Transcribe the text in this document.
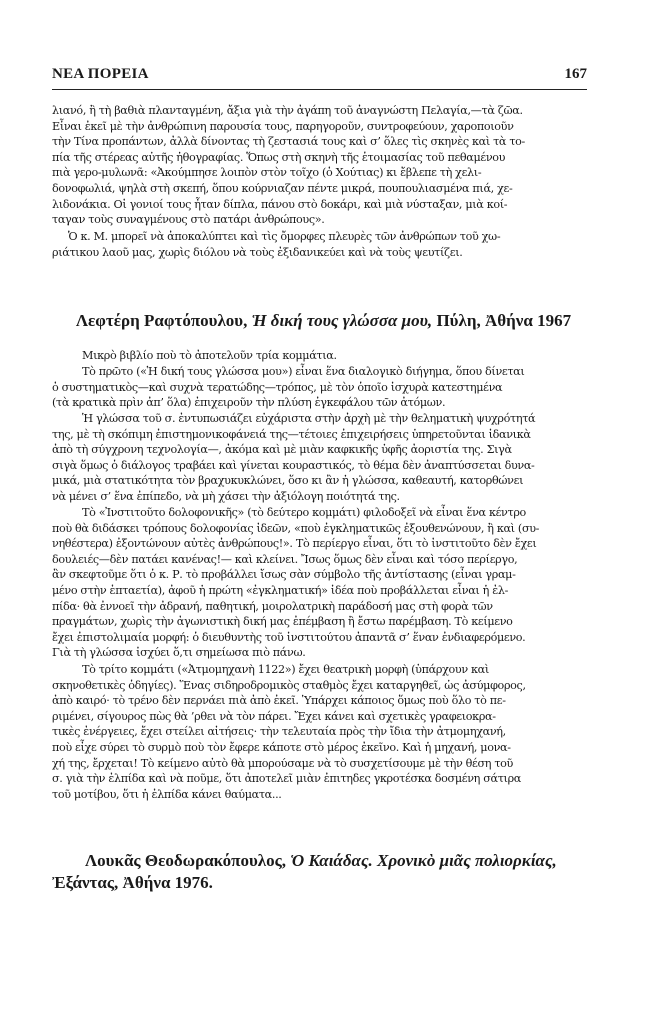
ΝΕΑ ΠΟΡΕΙΑ	167

λιανό, ἢ τὴ βαθιὰ πλανταγμένη, ἄξια γιὰ τὴν ἀγάπη τοῦ ἀναγνώστη Πελαγία,—τὰ ζῶα.
Εἶναι ἐκεῖ μὲ τὴν ἀνθρώπινη παρουσία τους, παρηγοροῦν, συντροφεύουν, χαροποιοῦν
τὴν Τίνα προπάντων, ἀλλὰ δίνοντας τὴ ζεστασιά τους καὶ σ’ ὅλες τὶς σκηνὲς καὶ τὰ το-
πία τῆς στέρεας αὐτῆς ἠθογραφίας. Ὅπως στὴ σκηνὴ τῆς ἑτοιμασίας τοῦ πεθαμένου
πιὰ γερο-μυλωνᾶ: «Ἀκούμπησε λοιπὸν στὸν τοῖχο (ὁ Χούτιας) κι ἔβλεπε τὴ χελι-
δονοφωλιά, ψηλὰ στὴ σκεπή, ὅπου κούρνιαζαν πέντε μικρά, πουπουλιασμένα πιά, χε-
λιδονάκια. Οἱ γονιοί τους ἦταν δίπλα, πάνου στὸ δοκάρι, καὶ μιὰ νύσταξαν, μιὰ κοί-
ταγαν τοὺς συναγμένους στὸ πατάρι ἀνθρώπους».

Ὁ κ. Μ. μπορεῖ νὰ ἀποκαλύπτει καὶ τὶς ὄμορφες πλευρὲς τῶν ἀνθρώπων τοῦ χω-
ριάτικου λαοῦ μας, χωρὶς διόλου νὰ τοὺς ἐξιδανικεύει καὶ νὰ τοὺς ψευτίζει.

Λεφτέρη Ραφτόπουλου, Ἡ δική τους γλώσσα μου, Πύλη, Ἀθήνα 1967

Μικρὸ βιβλίο ποὺ τὸ ἀποτελοῦν τρία κομμάτια.

Τὸ πρῶτο («Ἡ δική τους γλώσσα μου») εἶναι ἕνα διαλογικὸ διήγημα, ὅπου δίνεται
ὁ συστηματικὸς—καὶ συχνὰ τερατώδης—τρόπος, μὲ τὸν ὁποῖο ἰσχυρὰ κατεστημένα
(τὰ κρατικὰ πρὶν ἀπ’ ὅλα) ἐπιχειροῦν τὴν πλύση ἐγκεφάλου τῶν ἀτόμων.

Ἡ γλώσσα τοῦ σ. ἐντυπωσιάζει εὐχάριστα στὴν ἀρχὴ μὲ τὴν θεληματικὴ ψυχρότητά
της, μὲ τὴ σκόπιμη ἐπιστημονικοφάνειά της—τέτοιες ἐπιχειρήσεις ὑπηρετοῦνται ἰδανικὰ
ἀπὸ τὴ σύγχρονη τεχνολογία—, ἀκόμα καὶ μὲ μιὰν καφκικῆς ὑφῆς ἀοριστία της. Σιγὰ
σιγὰ ὅμως ὁ διάλογος τραβάει καὶ γίνεται κουραστικός, τὸ θέμα δὲν ἀναπτύσσεται δυνα-
μικά, μιὰ στατικότητα τὸν βραχυκυκλώνει, ὅσο κι ἂν ἡ γλώσσα, καθεαυτή, κατορθώνει
νὰ μένει σ’ ἕνα ἐπίπεδο, νὰ μὴ χάσει τὴν ἀξιόλογη ποιότητά της.

Τὸ «Ἰνστιτοῦτο δολοφονικῆς» (τὸ δεύτερο κομμάτι) φιλοδοξεῖ νὰ εἶναι ἕνα κέντρο
ποὺ θὰ διδάσκει τρόπους δολοφονίας ἰδεῶν, «ποὺ ἐγκληματικῶς ἐξουθενώνουν, ἢ καὶ (συ-
νηθέστερα) ἐξοντώνουν αὐτὲς ἀνθρώπους!». Τὸ περίεργο εἶναι, ὅτι τὸ ἰνστιτοῦτο δὲν ἔχει
δουλειές—δὲν πατάει κανένας!— καὶ κλείνει. Ἴσως ὅμως δὲν εἶναι καὶ τόσο περίεργο,
ἂν σκεφτοῦμε ὅτι ὁ κ. Ρ. τὸ προβάλλει ἴσως σὰν σύμβολο τῆς ἀντίστασης (εἶναι γραμ-
μένο στὴν ἑπταετία), ἀφοῦ ἡ πρώτη «ἐγκληματική» ἰδέα ποὺ προβάλλεται εἶναι ἡ ἐλ-
πίδα· θὰ ἐννοεῖ τὴν ἀδρανή, παθητική, μοιρολατρικὴ παράδοσή μας στὴ φορὰ τῶν
πραγμάτων, χωρὶς τὴν ἀγωνιστικὴ δική μας ἐπέμβαση ἢ ἔστω παρέμβαση. Τὸ κείμενο
ἔχει ἐπιστολιμαία μορφή: ὁ διευθυντὴς τοῦ ἰνστιτούτου ἀπαντᾶ σ’ ἕναν ἐνδιαφερόμενο.
Γιὰ τὴ γλώσσα ἰσχύει ὅ,τι σημείωσα πιὸ πάνω.

Τὸ τρίτο κομμάτι («Ἀτμομηχανὴ 1122») ἔχει θεατρικὴ μορφὴ (ὑπάρχουν καὶ
σκηνοθετικὲς ὁδηγίες). Ἕνας σιδηροδρομικὸς σταθμὸς ἔχει καταργηθεῖ, ὡς ἀσύμφορος,
ἀπὸ καιρό· τὸ τρένο δὲν περνάει πιὰ ἀπὸ ἐκεῖ. Ὑπάρχει κάποιος ὅμως ποὺ ὅλο τὸ πε-
ριμένει, σίγουρος πὼς θὰ ’ρθει νὰ τὸν πάρει. Ἔχει κάνει καὶ σχετικὲς γραφειοκρα-
τικὲς ἐνέργειες, ἔχει στείλει αἰτήσεις· τὴν τελευταία πρὸς τὴν ἴδια τὴν ἀτμομηχανή,
ποὺ εἶχε σύρει τὸ συρμὸ ποὺ τὸν ἔφερε κάποτε στὸ μέρος ἐκεῖνο. Καὶ ἡ μηχανή, μονα-
χή της, ἔρχεται! Τὸ κείμενο αὐτὸ θὰ μπορούσαμε νὰ τὸ συσχετίσουμε μὲ τὴν θέση τοῦ
σ. γιὰ τὴν ἐλπίδα καὶ νὰ ποῦμε, ὅτι ἀποτελεῖ μιὰν ἐπιτηδες γκροτέσκα δοσμένη σάτιρα
τοῦ μοτίβου, ὅτι ἡ ἐλπίδα κάνει θαύματα...

Λουκᾶς Θεοδωρακόπουλος, Ὁ Καιάδας. Χρονικὸ μιᾶς πολιορκίας, Ἐξάντας, Ἀθήνα 1976.
